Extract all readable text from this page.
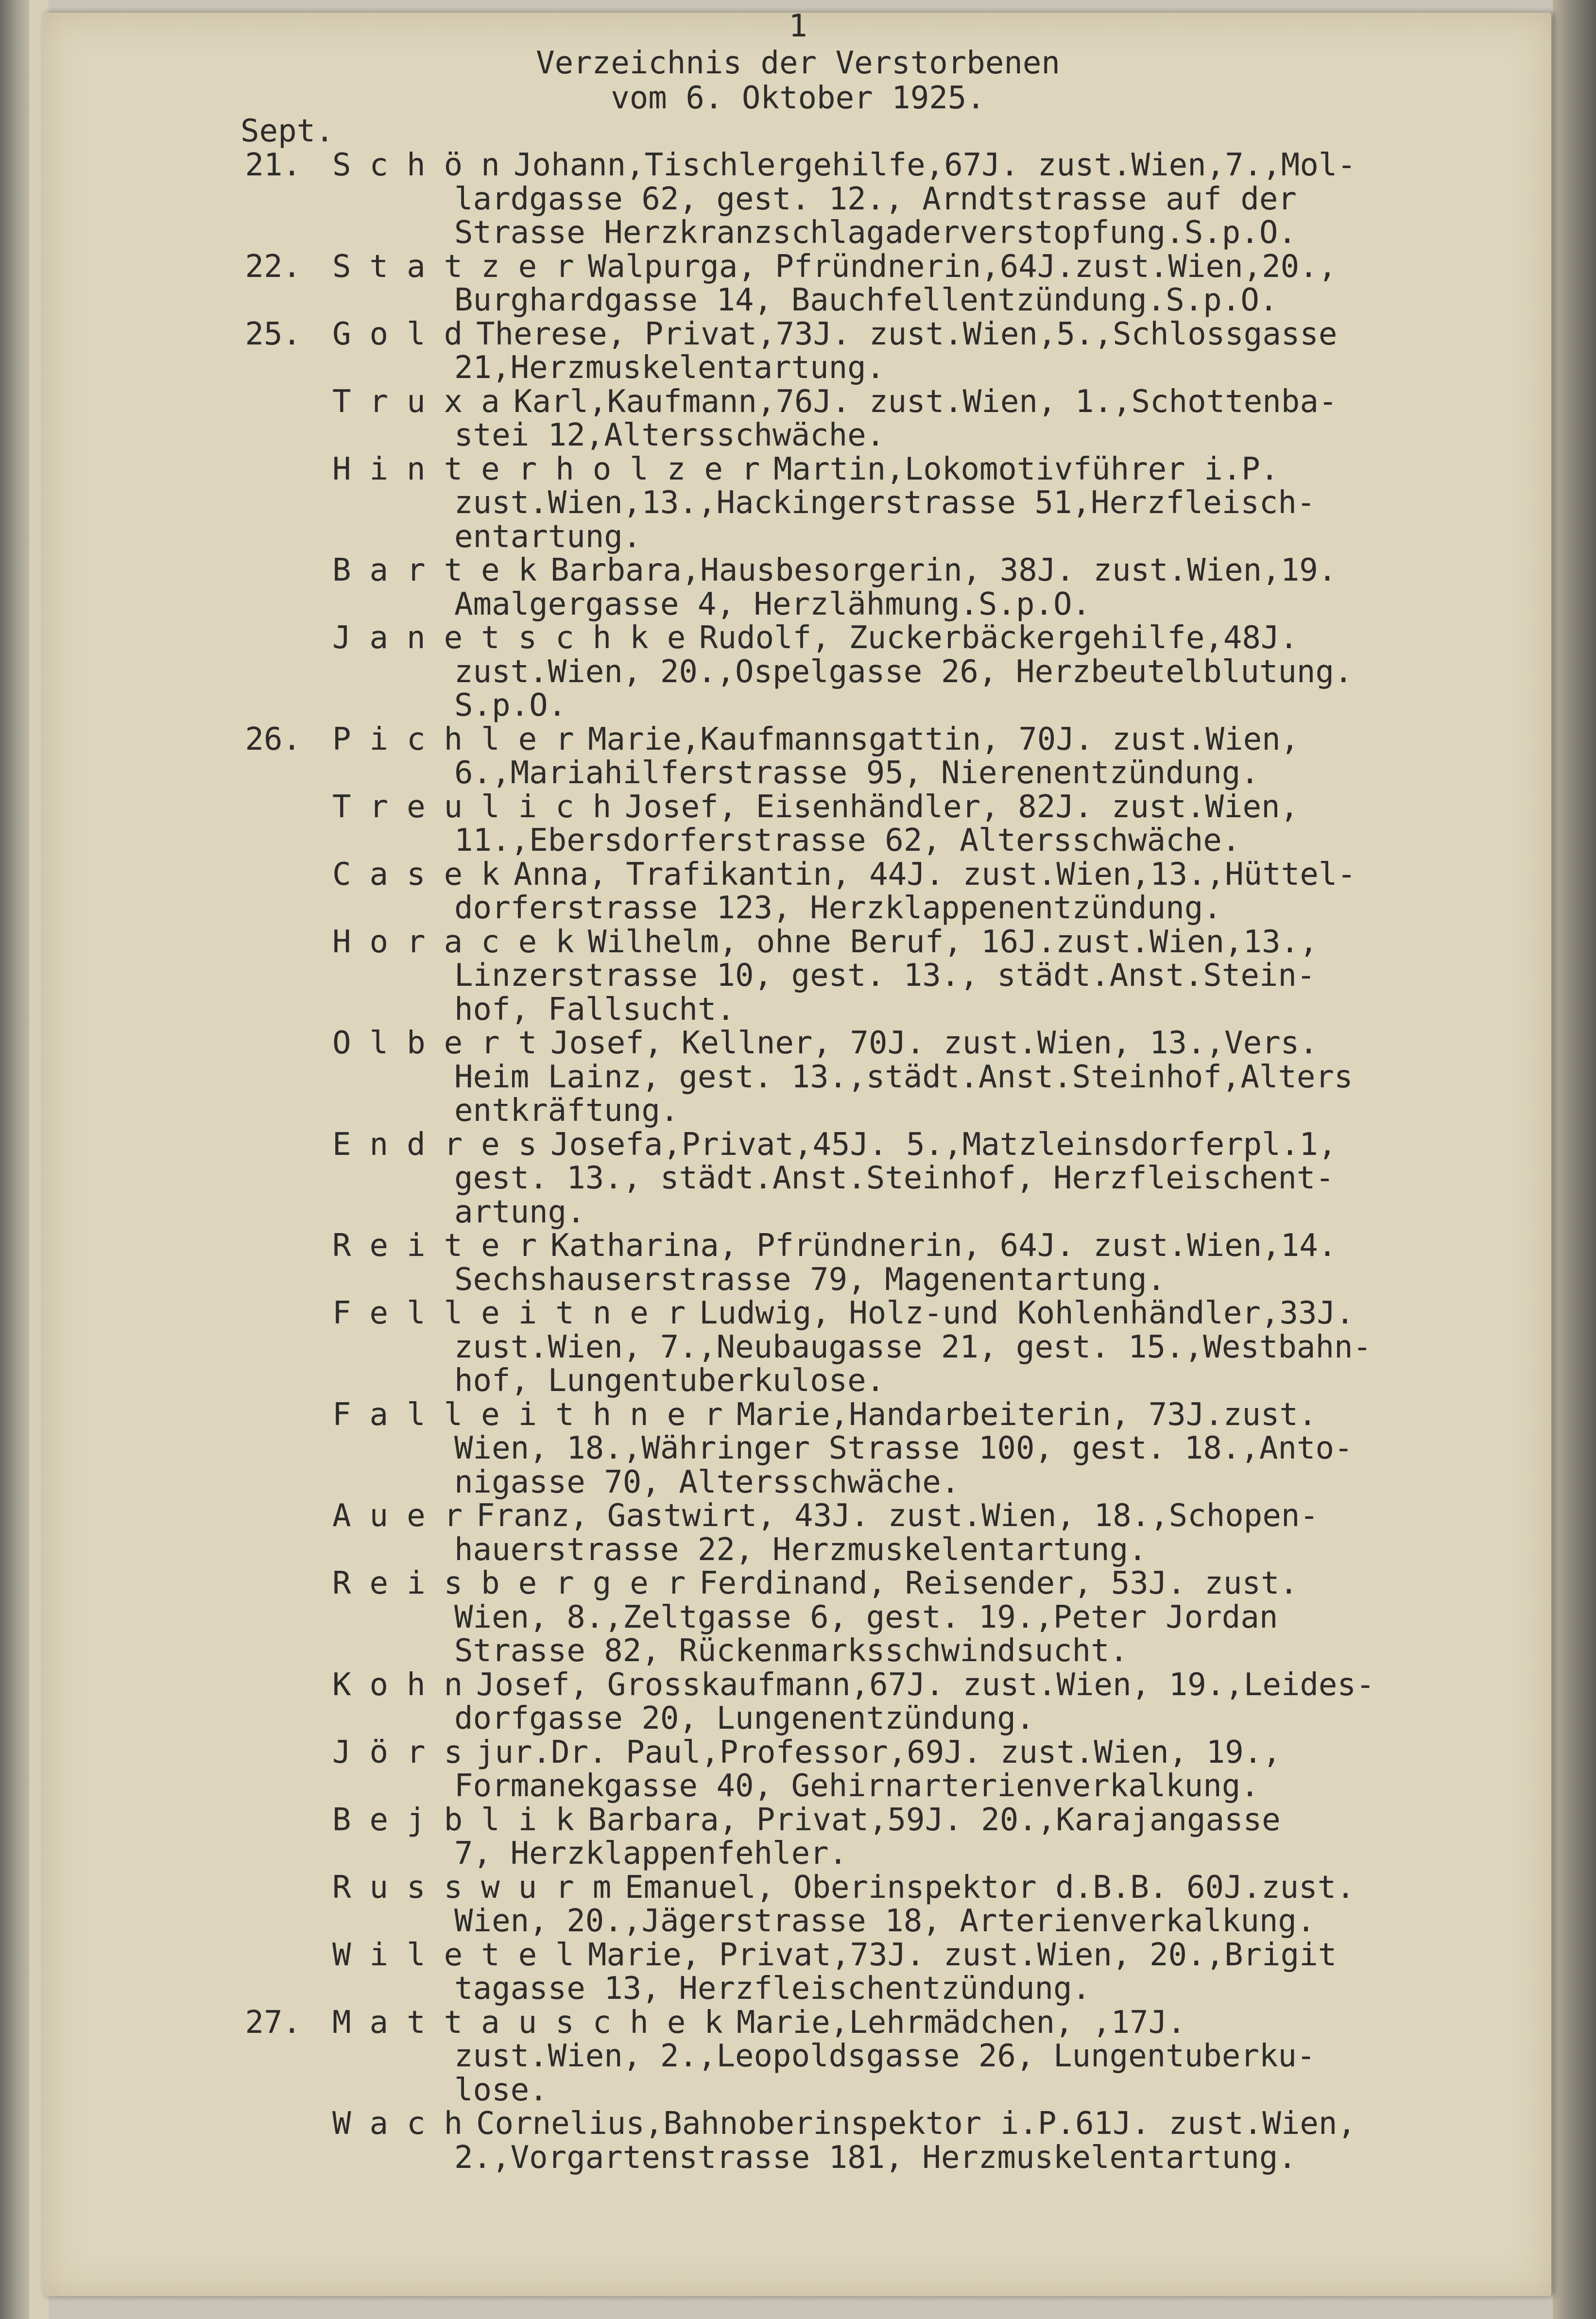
1
Verzeichnis der Verstorbenen
vom 6. Oktober 1925.
Sept.
21. Schön
Johann,Tischlergehilfe,67J. zust.Wien,7.,Mol-
lardgasse 62, gest. 12., Arndtstrasse auf der
Strasse Herzkranzschlagaderverstopfung.S.p.O.
22. Statzer
Walpurga, Pfründnerin,64J.zust.Wien,20.,
Burghardgasse 14, Bauchfellentzündung.S.p.O.
25. Gold
Therese, Privat,73J. zust.Wien,5.,Schlossgasse
21,Herzmuskelentartung.
Truxa
Karl,Kaufmann,76J. zust.Wien, 1.,Schottenba-
stei 12,Altersschwäche.
Hinterholzer
Martin,Lokomotivführer i.P.
zust.Wien,13.,Hackingerstrasse 51,Herzfleisch-
entartung.
Bartek
Barbara,Hausbesorgerin, 38J. zust.Wien,19.
Amalgergasse 4, Herzlähmung.S.p.O.
Janetschke
Rudolf, Zuckerbäckergehilfe,48J.
zust.Wien, 20.,Ospelgasse 26, Herzbeutelblutung.
S.p.O.
26. Pichler
Marie,Kaufmannsgattin, 70J. zust.Wien,
6.,Mariahilferstrasse 95, Nierenentzündung.
Treulich
Josef, Eisenhändler, 82J. zust.Wien,
11.,Ebersdorferstrasse 62, Altersschwäche.
Casek
Anna, Trafikantin, 44J. zust.Wien,13.,Hüttel-
dorferstrasse 123, Herzklappenentzündung.
Horacek
Wilhelm, ohne Beruf, 16J.zust.Wien,13.,
Linzerstrasse 10, gest. 13., städt.Anst.Stein-
hof, Fallsucht.
Olbert
Josef, Kellner, 70J. zust.Wien, 13.,Vers.
Heim Lainz, gest. 13.,städt.Anst.Steinhof,Alters
entkräftung.
Endres
Josefa,Privat,45J. 5.,Matzleinsdorferpl.1,
gest. 13., städt.Anst.Steinhof, Herzfleischent-
artung.
Reiter
Katharina, Pfründnerin, 64J. zust.Wien,14.
Sechshauserstrasse 79, Magenentartung.
Felleitner
Ludwig, Holz-und Kohlenhändler,33J.
zust.Wien, 7.,Neubaugasse 21, gest. 15.,Westbahn-
hof, Lungentuberkulose.
Falleithner
Marie,Handarbeiterin, 73J.zust.
Wien, 18.,Währinger Strasse 100, gest. 18.,Anto-
nigasse 70, Altersschwäche.
Auer
Franz, Gastwirt, 43J. zust.Wien, 18.,Schopen-
hauerstrasse 22, Herzmuskelentartung.
Reisberger
Ferdinand, Reisender, 53J. zust.
Wien, 8.,Zeltgasse 6, gest. 19.,Peter Jordan
Strasse 82, Rückenmarksschwindsucht.
Kohn
Josef, Grosskaufmann,67J. zust.Wien, 19.,Leides-
dorfgasse 20, Lungenentzündung.
Jörs
jur.Dr. Paul,Professor,69J. zust.Wien, 19.,
Formanekgasse 40, Gehirnarterienverkalkung.
Bejblik
Barbara, Privat,59J. 20.,Karajangasse
7, Herzklappenfehler.
Russwurm
Emanuel, Oberinspektor d.B.B. 60J.zust.
Wien, 20.,Jägerstrasse 18, Arterienverkalkung.
Wiletel
Marie, Privat,73J. zust.Wien, 20.,Brigit
tagasse 13, Herzfleischentzündung.
27. Mattauschek
Marie,Lehrmädchen, ,17J.
zust.Wien, 2.,Leopoldsgasse 26, Lungentuberku-
lose.
Wach
Cornelius,Bahnoberinspektor i.P.61J. zust.Wien,
2.,Vorgartenstrasse 181, Herzmuskelentartung.
